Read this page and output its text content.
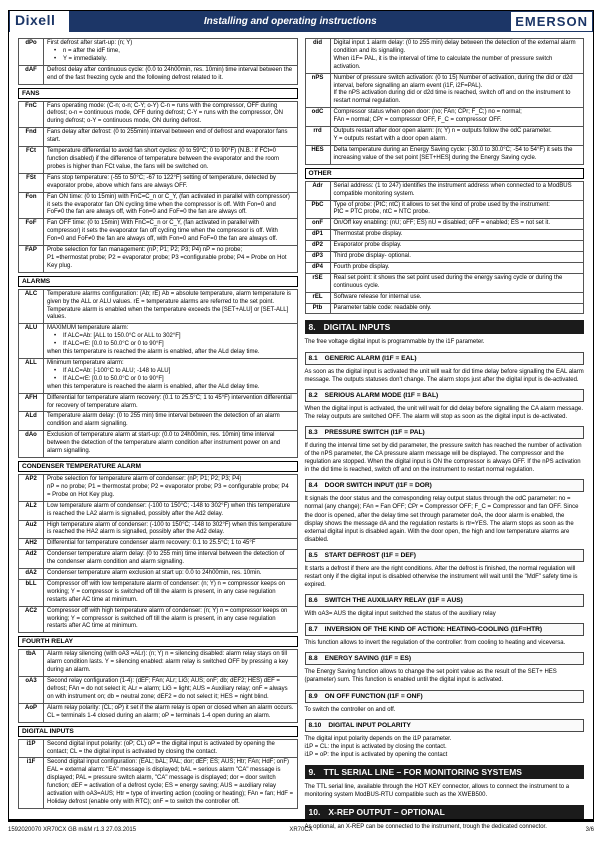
Dixell	Installing and operating instructions	EMERSON
dPo	First defrost after start-up: (n; Y)
• n = after the idF time,
• Y = immediately.

dAF	Defrost delay after continuous cycle: (0.0 to 24h00min, res. 10min) time interval between the end of the fast freezing cycle and the following defrost related to it.
FANS
FnC	Fans operating mode: (C-n; o-n; C-Y; o-Y) C-n = runs with the compressor, OFF during defrost; o-n = continuous mode, OFF during defrost; C-Y = runs with the compressor, ON during defrost; o-Y = continuous mode, ON during defrost.

Fnd	Fans delay after defrost: (0 to 255min) interval between end of defrost and evaporator fans start.

FCt	Temperature differential to avoid fan short cycles: (0 to 59°C; 0 to 90°F) (N.B.: if FCt=0 function disabled) if the difference of temperature between the evaporator and the room probes is higher than FCt value, the fans will be switched on.

FSt	Fans stop temperature: (-55 to 50°C; -67 to 122°F) setting of temperature, detected by evaporator probe, above which fans are always OFF.

Fon	Fan ON time: (0 to 15min) with FnC=C_n or C_Y, (fan activated in parallel with compressor) it sets the evaporator fan ON cycling time when the compressor is off. With Fon=0 and FoF≠0 the fan are always off, with Fon=0 and FoF=0 the fan are always off.

FoF	Fan OFF time: (0 to 15min) With FnC=C_n or C_Y, (fan activated in parallel with compressor) it sets the evaporator fan off cycling time when the compressor is off. With Fon=0 and FoF≠0 the fan are always off, with Fon=0 and FoF=0 the fan are always off.

FAP	Probe selection for fan management: (nP; P1; P2; P3; P4) nP = no probe;
P1 =thermostat probe; P2 = evaporator probe; P3 =configurable probe; P4 = Probe on Hot Key plug.
ALARMS
ALC	Temperature alarms configuration: (Ab; rE) Ab = absolute temperature, alarm temperature is given by the ALL or ALU values. rE = temperature alarms are referred to the set point. Temperature alarm is enabled when the temperature exceeds the [SET+ALU] or [SET-ALL] values.

ALU	MAXIMUM temperature alarm:
• If ALC=Ab: [ALL to 150.0°C or ALL to 302°F]
• If ALC=rE: [0.0 to 50.0°C or 0 to 90°F]
when this temperature is reached the alarm is enabled, after the ALd delay time.

ALL	Minimum temperature alarm:
• If ALC=Ab: [-100°C to ALU; -148 to ALU]
• If ALC=rE: [0.0 to 50.0°C or 0 to 90°F]
when this temperature is reached the alarm is enabled, after the ALd delay time.

AFH	Differential for temperature alarm recovery: (0.1 to 25.5°C; 1 to 45°F) intervention differential for recovery of temperature alarm.

ALd	Temperature alarm delay: (0 to 255 min) time interval between the detection of an alarm condition and alarm signalling.

dAo	Exclusion of temperature alarm at start-up: (0.0 to 24h00min, res. 10min) time interval between the detection of the temperature alarm condition after instrument power on and alarm signalling.
CONDENSER TEMPERATURE ALARM
AP2	Probe selection for temperature alarm of condenser: (nP; P1; P2; P3; P4)
nP = no probe; P1 = thermostat probe; P2 = evaporator probe; P3 = configurable probe; P4 = Probe on Hot Key plug.

AL2	Low temperature alarm of condenser: (-100 to 150°C; -148 to 302°F) when this temperature is reached the LA2 alarm is signalled, possibly after the Ad2 delay.

Au2	High temperature alarm of condenser: (-100 to 150°C; -148 to 302°F) when this temperature is reached the HA2 alarm is signalled, possibly after the Ad2 delay.

AH2	Differential for temperature condenser alarm recovery: 0.1 to 25.5°C; 1 to 45°F

Ad2	Condenser temperature alarm delay: (0 to 255 min) time interval between the detection of the condenser alarm condition and alarm signalling.

dA2	Condenser temperature alarm exclusion at start up: 0.0 to 24h00min, res. 10min.

bLL	Compressor off with low temperature alarm of condenser: (n; Y) n = compressor keeps on working; Y = compressor is switched off till the alarm is present, in any case regulation restarts after AC time at minimum.

AC2	Compressor off with high temperature alarm of condenser: (n; Y) n = compressor keeps on working; Y = compressor is switched off till the alarm is present, in any case regulation restarts after AC time at minimum.
FOURTH RELAY
tbA	Alarm relay silencing (with oA3 =ALr): (n; Y) n = silencing disabled: alarm relay stays on till alarm condition lasts. Y = silencing enabled: alarm relay is switched OFF by pressing a key during an alarm.

oA3	Second relay configuration (1-4): (dEF; FAn; ALr; LiG; AUS; onF; db; dEF2; HES) dEF = defrost; FAn = do not select it; ALr = alarm; LiG = light; AUS = Auxiliary relay; onF = always on with instrument on; db = neutral zone; dEF2 = do not select it; HES = night blind.

AoP	Alarm relay polarity: (CL; oP) it set if the alarm relay is open or closed when an alarm occurs. CL = terminals 1-4 closed during an alarm; oP = terminals 1-4 open during an alarm.
DIGITAL INPUTS
i1P	Second digital input polarity: (oP; CL) oP = the digital input is activated by opening the contact; CL = the digital input is activated by closing the contact.

i1F	Second digital input configuration: (EAL; bAL; PAL; dor; dEF; ES; AUS; Htr; FAn; HdF; onF) EAL = external alarm: "EA" message is displayed; bAL = serious alarm "CA" message is displayed; PAL = pressure switch alarm, "CA" message is displayed; dor = door switch function; dEF = activation of a defrost cycle; ES = energy saving; AUS = auxiliary relay activation with oA3=AUS; Htr = type of inverting action (cooling or heating); FAn = fan; HdF = Holiday defrost (enable only with RTC); onF = to switch the controller off.
did	Digital input 1 alarm delay: (0 to 255 min) delay between the detection of the external alarm condition and its signalling.
When i1F= PAL, it is the interval of time to calculate the number of pressure switch activation.

nPS	Number of pressure switch activation: (0 to 15) Number of activation, during the did or d2d interval, before signalling an alarm event (i1F, i2F=PAL).
If the nPS activation during did or d2d time is reached, switch off and on the instrument to restart normal regulation.

odC	Compressor status when open door: (no; FAn; CPr; F_C;) no = normal;
FAn = normal; CPr = compressor OFF, F_C = compressor OFF.

rrd	Outputs restart after door open alarm: (n; Y) n = outputs follow the odC parameter.
Y = outputs restart with a door open alarm.

HES	Delta temperature during an Energy Saving cycle: (-30.0 to 30.0°C; -54 to 54°F) it sets the increasing value of the set point [SET+HES] during the Energy Saving cycle.
OTHER
Adr	Serial address: (1 to 247) identifies the instrument address when connected to a ModBUS compatible monitoring system.

PbC	Type of probe: (PtC; ntC) it allows to set the kind of probe used by the instrument:
PtC = PTC probe, ntC = NTC probe.

onF	On/Off key enabling: (nU; oFF; ES) nU = disabled; oFF = enabled; ES = not set it.

dP1	Thermostat probe display.

dP2	Evaporator probe display.

dP3	Third probe display- optional.

dP4	Fourth probe display.

rSE	Real set point: it shows the set point used during the energy saving cycle or during the continuous cycle.

rEL	Software release for internal use.

Ptb	Parameter table code: readable only.
8. DIGITAL INPUTS
The free voltage digital input is programmable by the i1F parameter.
8.1 GENERIC ALARM (I1F = EAL)
As soon as the digital input is activated the unit will wait for did time delay before signalling the EAL alarm message. The outputs statuses don't change. The alarm stops just after the digital input is de-activated.
8.2 SERIOUS ALARM MODE (I1F = BAL)
When the digital input is activated, the unit will wait for did delay before signalling the CA alarm message. The relay outputs are switched OFF. The alarm will stop as soon as the digital input is de-activated.
8.3 PRESSURE SWITCH (I1F = PAL)
If during the interval time set by did parameter, the pressure switch has reached the number of activation of the nPS parameter, the CA pressure alarm message will be displayed. The compressor and the regulation are stopped. When the digital input is ON the compressor is always OFF. If the nPS activation in the did time is reached, switch off and on the instrument to restart normal regulation.
8.4 DOOR SWITCH INPUT (I1F = DOR)
It signals the door status and the corresponding relay output status through the odC parameter: no = normal (any change); FAn = Fan OFF; CPr = Compressor OFF; F_C = Compressor and fan OFF. Since the door is opened, after the delay time set through parameter doA, the door alarm is enabled, the display shows the message dA and the regulation restarts is rtr=YES. The alarm stops as soon as the external digital input is disabled again. With the door open, the high and low temperature alarms are disabled.
8.5 START DEFROST (I1F = DEF)
It starts a defrost if there are the right conditions. After the defrost is finished, the normal regulation will restart only if the digital input is disabled otherwise the instrument will wait until the "MdF" safety time is expired.
8.6 SWITCH THE AUXILIARY RELAY (I1F = AUS)
With oA3= AUS the digital input switched the status of the auxiliary relay
8.7 INVERSION OF THE KIND OF ACTION: HEATING-COOLING (I1F=HTR)
This function allows to invert the regulation of the controller: from cooling to heating and viceversa.
8.8 ENERGY SAVING (I1F = ES)
The Energy Saving function allows to change the set point value as the result of the SET+ HES (parameter) sum. This function is enabled until the digital input is activated.
8.9 ON OFF FUNCTION (I1F = ONF)
To switch the controller on and off.
8.10 DIGITAL INPUT POLARITY
The digital input polarity depends on the i1P parameter.
i1P = CL: the input is activated by closing the contact.
i1P = oP: the input is activated by opening the contact
9. TTL SERIAL LINE – FOR MONITORING SYSTEMS
The TTL serial line, available through the HOT KEY connector, allows to connect the instrument to a monitoring system ModBUS-RTU compatible such as the XWEB500.
10. X-REP OUTPUT – OPTIONAL
As optional, an X-REP can be connected to the instrument, trough the dedicated connector.
1592020070 XR70CX GB m&M r1.3 27.03.2015	XR70CX	3/6
